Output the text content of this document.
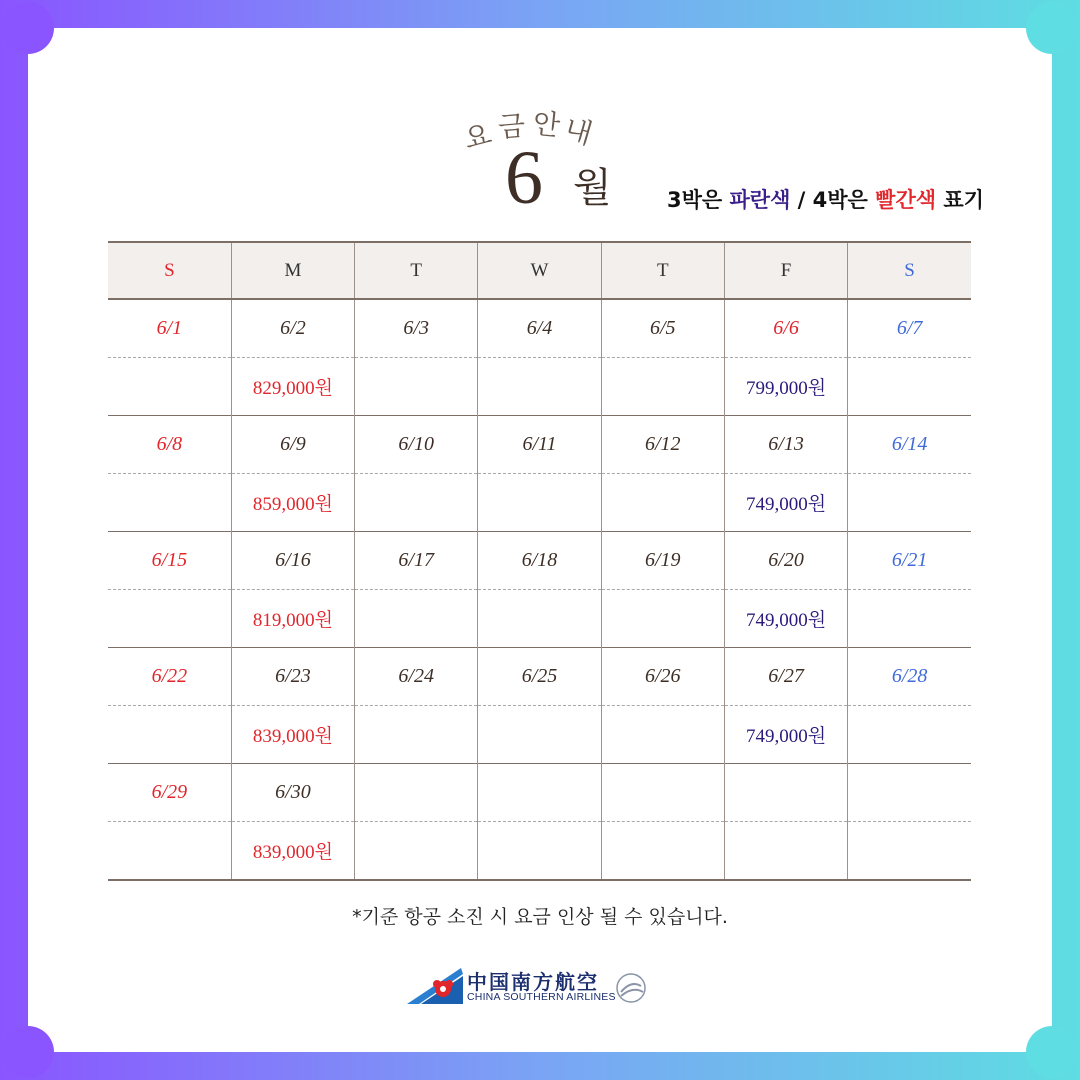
요 금 안 내
6 월	3박은 파란색 / 4박은 빨간색 표기
S	M	T	W	T	F	S
6/1	6/2	6/3	6/4	6/5	6/6	6/7
	829,000원				799,000원	
6/8	6/9	6/10	6/11	6/12	6/13	6/14
	859,000원				749,000원	
6/15	6/16	6/17	6/18	6/19	6/20	6/21
	819,000원				749,000원	
6/22	6/23	6/24	6/25	6/26	6/27	6/28
	839,000원				749,000원	
6/29	6/30					
	839,000원					
*기준 항공 소진 시 요금 인상 될 수 있습니다.
中国南方航空
CHINA SOUTHERN AIRLINES
